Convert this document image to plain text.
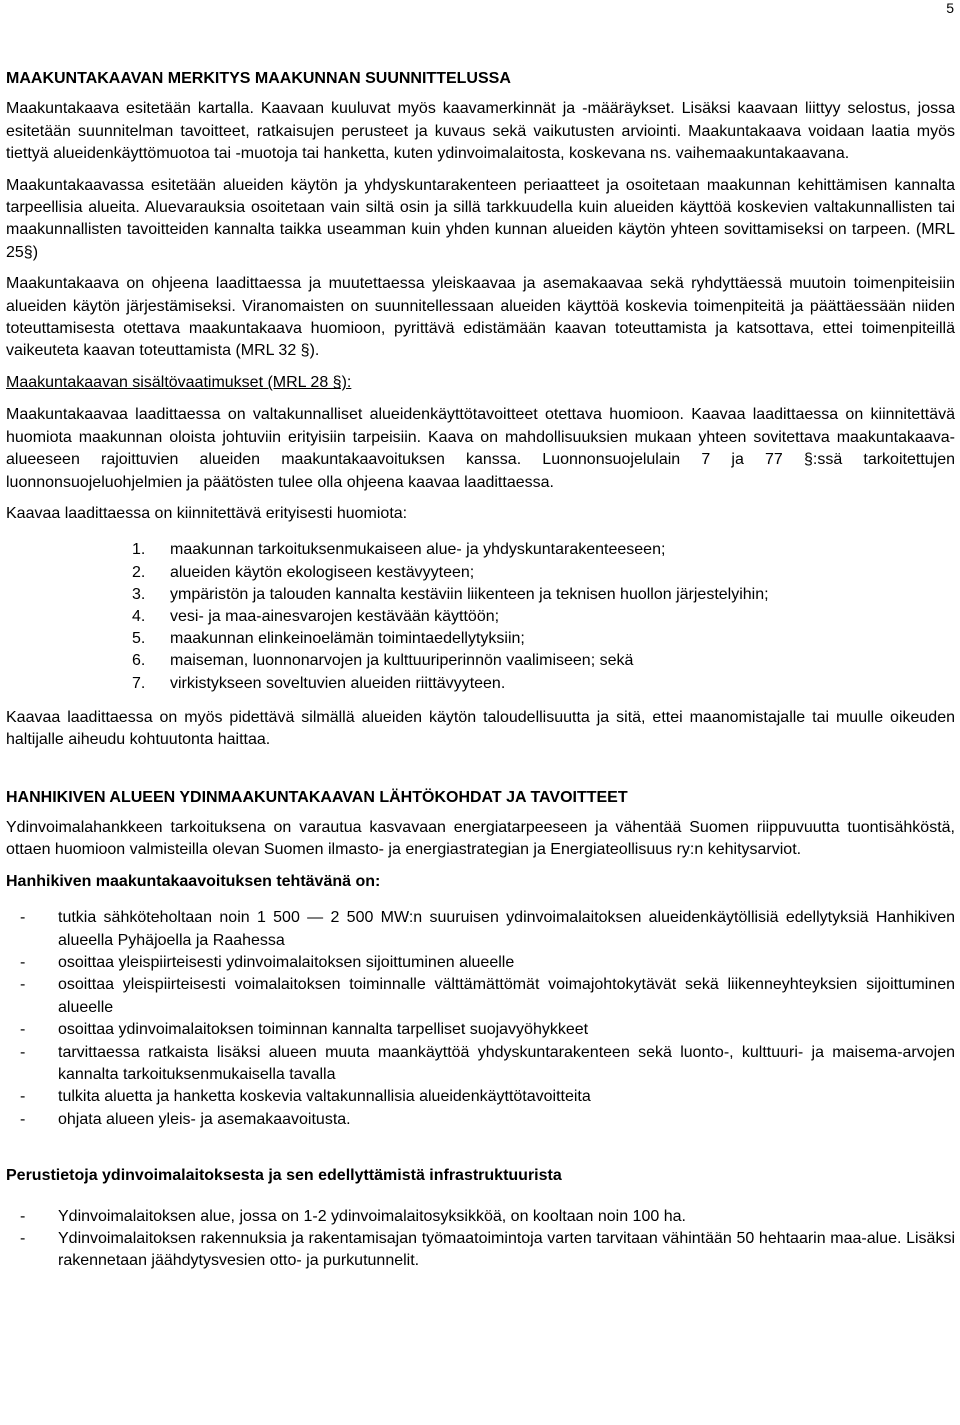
5
MAAKUNTAKAAVAN MERKITYS MAAKUNNAN SUUNNITTELUSSA

Maakuntakaava esitetään kartalla. Kaavaan kuuluvat myös kaavamerkinnät ja -määräykset. Lisäksi kaavaan liittyy selostus, jossa esitetään suunnitelman tavoitteet, ratkaisujen perusteet ja kuvaus sekä vaikutusten arviointi. Maakuntakaava voidaan laatia myös tiettyä alueidenkäyttömuotoa tai -muotoja tai hanketta, kuten ydinvoimalaitosta, koskevana ns. vaihemaakuntakaavana.

Maakuntakaavassa esitetään alueiden käytön ja yhdyskuntarakenteen periaatteet ja osoitetaan maakunnan kehittämisen kannalta tarpeellisia alueita. Aluevarauksia osoitetaan vain siltä osin ja sillä tarkkuudella kuin alueiden käyttöä koskevien valtakunnallisten tai maakunnallisten tavoitteiden kannalta taikka useamman kuin yhden kunnan alueiden käytön yhteen sovittamiseksi on tarpeen. (MRL 25§)

Maakuntakaava on ohjeena laadittaessa ja muutettaessa yleiskaavaa ja asemakaavaa sekä ryhdyttäessä muutoin toimenpiteisiin alueiden käytön järjestämiseksi. Viranomaisten on suunnitellessaan alueiden käyttöä koskevia toimenpiteitä ja päättäessään niiden toteuttamisesta otettava maakuntakaava huomioon, pyrittävä edistämään kaavan toteuttamista ja katsottava, ettei toimenpiteillä vaikeuteta kaavan toteuttamista (MRL 32 §).

Maakuntakaavan sisältövaatimukset (MRL 28 §):

Maakuntakaavaa laadittaessa on valtakunnalliset alueidenkäyttötavoitteet otettava huomioon. Kaavaa laadittaessa on kiinnitettävä huomiota maakunnan oloista johtuviin erityisiin tarpeisiin. Kaava on mahdollisuuksien mukaan yhteen sovitettava maakuntakaava-alueeseen rajoittuvien alueiden maakuntakaavoituksen kanssa. Luonnonsuojelulain 7 ja 77 §:ssä tarkoitettujen luonnonsuojeluohjelmien ja päätösten tulee olla ohjeena kaavaa laadittaessa.

Kaavaa laadittaessa on kiinnitettävä erityisesti huomiota:

1.	maakunnan tarkoituksenmukaiseen alue- ja yhdyskuntarakenteeseen;
2.	alueiden käytön ekologiseen kestävyyteen;
3.	ympäristön ja talouden kannalta kestäviin liikenteen ja teknisen huollon järjestelyihin;
4.	vesi- ja maa-ainesvarojen kestävään käyttöön;
5.	maakunnan elinkeinoelämän toimintaedellytyksiin;
6.	maiseman, luonnonarvojen ja kulttuuriperinnön vaalimiseen; sekä
7.	virkistykseen soveltuvien alueiden riittävyyteen.

Kaavaa laadittaessa on myös pidettävä silmällä alueiden käytön taloudellisuutta ja sitä, ettei maanomistajalle tai muulle oikeuden haltijalle aiheudu kohtuutonta haittaa.

HANHIKIVEN ALUEEN YDINMAAKUNTAKAAVAN LÄHTÖKOHDAT JA TAVOITTEET

Ydinvoimalahankkeen tarkoituksena on varautua kasvavaan energiatarpeeseen ja vähentää Suomen riippuvuutta tuontisähköstä, ottaen huomioon valmisteilla olevan Suomen ilmasto- ja energiastrategian ja Energiateollisuus ry:n kehitysarviot.

Hanhikiven maakuntakaavoituksen tehtävänä on:
-	tutkia sähköteholtaan noin 1 500 — 2 500 MW:n suuruisen ydinvoimalaitoksen alueidenkäytöllisiä edellytyksiä Hanhikiven alueella Pyhäjoella ja Raahessa
-	osoittaa yleispiirteisesti ydinvoimalaitoksen sijoittuminen alueelle
-	osoittaa yleispiirteisesti voimalaitoksen toiminnalle välttämättömät voimajohtokytävät sekä liikenneyhteyksien sijoittuminen alueelle
-	osoittaa ydinvoimalaitoksen toiminnan kannalta tarpelliset suojavyöhykkeet
-	tarvittaessa ratkaista lisäksi alueen muuta maankäyttöä yhdyskuntarakenteen sekä luonto-, kulttuuri- ja maisema-arvojen kannalta tarkoituksenmukaisella tavalla
-	tulkita aluetta ja hanketta koskevia valtakunnallisia alueidenkäyttötavoitteita
-	ohjata alueen yleis- ja asemakaavoitusta.
Perustietoja ydinvoimalaitoksesta ja sen edellyttämistä infrastruktuurista
-	Ydinvoimalaitoksen alue, jossa on 1-2 ydinvoimalaitosyksikköä, on kooltaan noin 100 ha.
-	Ydinvoimalaitoksen rakennuksia ja rakentamisajan työmaatoimintoja varten tarvitaan vähintään 50 hehtaarin maa-alue. Lisäksi rakennetaan jäähdytysvesien otto- ja purkutunnelit.
